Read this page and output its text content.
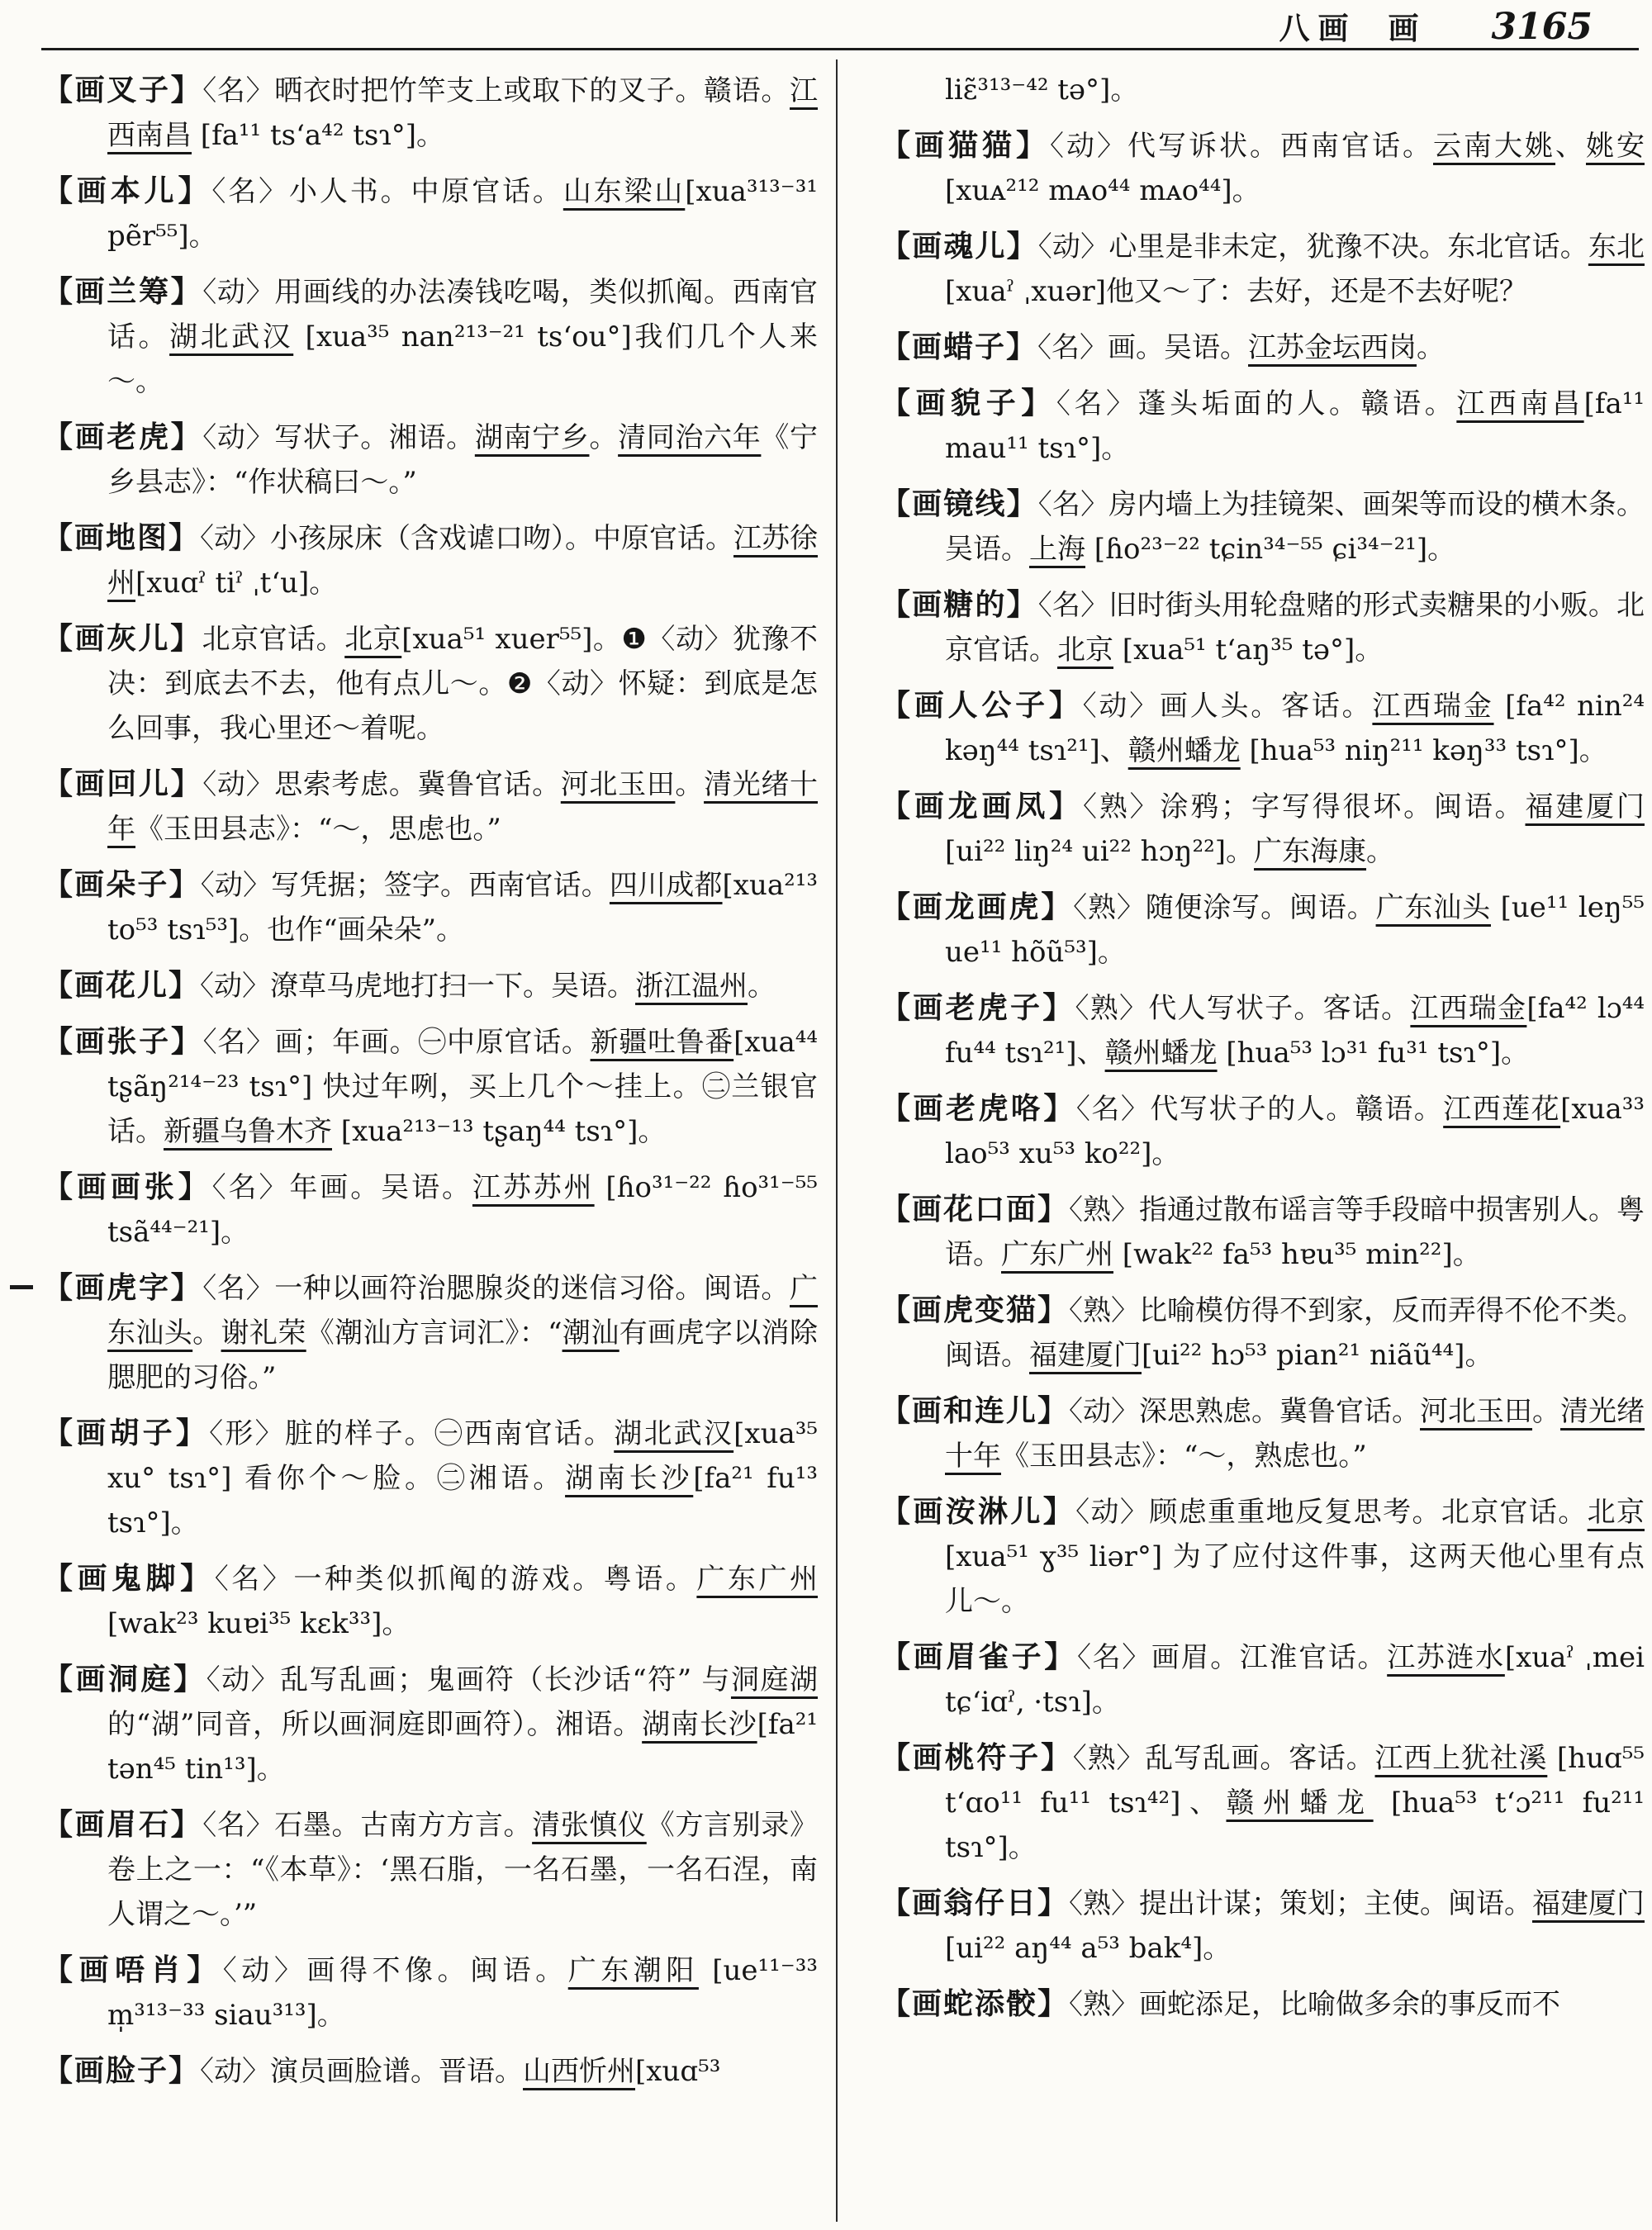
八画 画 3165

【画叉子】〈名〉晒衣时把竹竿支上或取下的叉子。赣语。江西南昌 [fa¹¹ ts‘a⁴² tsɿ°]。

【画本儿】〈名〉小人书。中原官话。山东梁山[xua³¹³⁻³¹ pẽr⁵⁵]。

【画兰筹】〈动〉用画线的办法凑钱吃喝，类似抓阄。西南官话。湖北武汉 [xua³⁵ nan²¹³⁻²¹ ts‘ou°]我们几个人来～。

【画老虎】〈动〉写状子。湘语。湖南宁乡。清同治六年《宁乡县志》：“作状稿曰～。”

【画地图】〈动〉小孩尿床（含戏谑口吻）。中原官话。江苏徐州[xuɑˀ tiˀ ˌt‘u]。

【画灰儿】北京官话。北京[xua⁵¹ xuer⁵⁵]。❶〈动〉犹豫不决：到底去不去，他有点儿～。❷〈动〉怀疑：到底是怎么回事，我心里还～着呢。

【画回儿】〈动〉思索考虑。冀鲁官话。河北玉田。清光绪十年《玉田县志》：“～，思虑也。”

【画朵子】〈动〉写凭据；签字。西南官话。四川成都[xua²¹³ to⁵³ tsɿ⁵³]。也作“画朵朵”。

【画花儿】〈动〉潦草马虎地打扫一下。吴语。浙江温州。

【画张子】〈名〉画；年画。㊀中原官话。新疆吐鲁番[xua⁴⁴ tʂãŋ²¹⁴⁻²³ tsɿ°] 快过年咧，买上几个～挂上。㊁兰银官话。新疆乌鲁木齐 [xua²¹³⁻¹³ tʂaŋ⁴⁴ tsɿ°]。

【画画张】〈名〉年画。吴语。江苏苏州 [ɦo³¹⁻²² ɦo³¹⁻⁵⁵ tsã⁴⁴⁻²¹]。

【画虎字】〈名〉一种以画符治腮腺炎的迷信习俗。闽语。广东汕头。谢礼荣《潮汕方言词汇》：“潮汕有画虎字以消除腮肥的习俗。”

【画胡子】〈形〉脏的样子。㊀西南官话。湖北武汉[xua³⁵ xu° tsɿ°] 看你个～脸。㊁湘语。湖南长沙[fa²¹ fu¹³ tsɿ°]。

【画鬼脚】〈名〉一种类似抓阄的游戏。粤语。广东广州 [wak²³ kuɐi³⁵ kɛk³³]。

【画洞庭】〈动〉乱写乱画；鬼画符（长沙话“符” 与洞庭湖的“湖”同音，所以画洞庭即画符）。湘语。湖南长沙[fa²¹ tən⁴⁵ tin¹³]。

【画眉石】〈名〉石墨。古南方方言。清张慎仪《方言别录》卷上之一：“《本草》：‘黑石脂，一名石墨，一名石涅，南人谓之～。’”

【画唔肖】〈动〉画得不像。闽语。广东潮阳 [ue¹¹⁻³³ m̩³¹³⁻³³ siau³¹³]。

【画脸子】〈动〉演员画脸谱。晋语。山西忻州[xuɑ⁵³

liɛ̃³¹³⁻⁴² tə°]。

【画猫猫】〈动〉代写诉状。西南官话。云南大姚、姚安 [xuᴀ²¹² mᴀᴏ⁴⁴ mᴀᴏ⁴⁴]。

【画魂儿】〈动〉心里是非未定，犹豫不决。东北官话。东北[xuaˀ ˌxuər]他又～了：去好，还是不去好呢？

【画蜡子】〈名〉画。吴语。江苏金坛西岗。

【画貌子】〈名〉蓬头垢面的人。赣语。江西南昌[fa¹¹ mau¹¹ tsɿ°]。

【画镜线】〈名〉房内墙上为挂镜架、画架等而设的横木条。吴语。上海 [ɦo²³⁻²² tɕin³⁴⁻⁵⁵ ɕi³⁴⁻²¹]。

【画糖的】〈名〉旧时街头用轮盘赌的形式卖糖果的小贩。北京官话。北京 [xua⁵¹ t‘aŋ³⁵ tə°]。

【画人公子】〈动〉画人头。客话。江西瑞金 [fa⁴² nin²⁴ kəŋ⁴⁴ tsɿ²¹]、赣州蟠龙 [hua⁵³ niŋ²¹¹ kəŋ³³ tsɿ°]。

【画龙画凤】〈熟〉涂鸦；字写得很坏。闽语。福建厦门 [ui²² liŋ²⁴ ui²² hɔŋ²²]。广东海康。

【画龙画虎】〈熟〉随便涂写。闽语。广东汕头 [ue¹¹ leŋ⁵⁵ ue¹¹ hõũ⁵³]。

【画老虎子】〈熟〉代人写状子。客话。江西瑞金[fa⁴² lɔ⁴⁴ fu⁴⁴ tsɿ²¹]、赣州蟠龙 [hua⁵³ lɔ³¹ fu³¹ tsɿ°]。

【画老虎咯】〈名〉代写状子的人。赣语。江西莲花[xua³³ lao⁵³ xu⁵³ ko²²]。

【画花口面】〈熟〉指通过散布谣言等手段暗中损害别人。粤语。广东广州 [wak²² fa⁵³ hɐu³⁵ min²²]。

【画虎变猫】〈熟〉比喻模仿得不到家，反而弄得不伦不类。闽语。福建厦门[ui²² hɔ⁵³ pian²¹ niãũ⁴⁴]。

【画和连儿】〈动〉深思熟虑。冀鲁官话。河北玉田。清光绪十年《玉田县志》：“～，熟虑也。”

【画洝淋儿】〈动〉顾虑重重地反复思考。北京官话。北京[xua⁵¹ ɣ³⁵ liər°] 为了应付这件事，这两天他心里有点儿～。

【画眉雀子】〈名〉画眉。江淮官话。江苏涟水[xuaˀ ˌmei tɕ‘iɑˀ‚ ·tsɿ]。

【画桃符子】〈熟〉乱写乱画。客话。江西上犹社溪 [huɑ⁵⁵ t‘ɑo¹¹ fu¹¹ tsɿ⁴²]、赣州蟠龙 [hua⁵³ t‘ɔ²¹¹ fu²¹¹ tsɿ°]。

【画翁仔日】〈熟〉提出计谋；策划；主使。闽语。福建厦门 [ui²² aŋ⁴⁴ a⁵³ bak⁴]。

【画蛇添骹】〈熟〉画蛇添足，比喻做多余的事反而不
